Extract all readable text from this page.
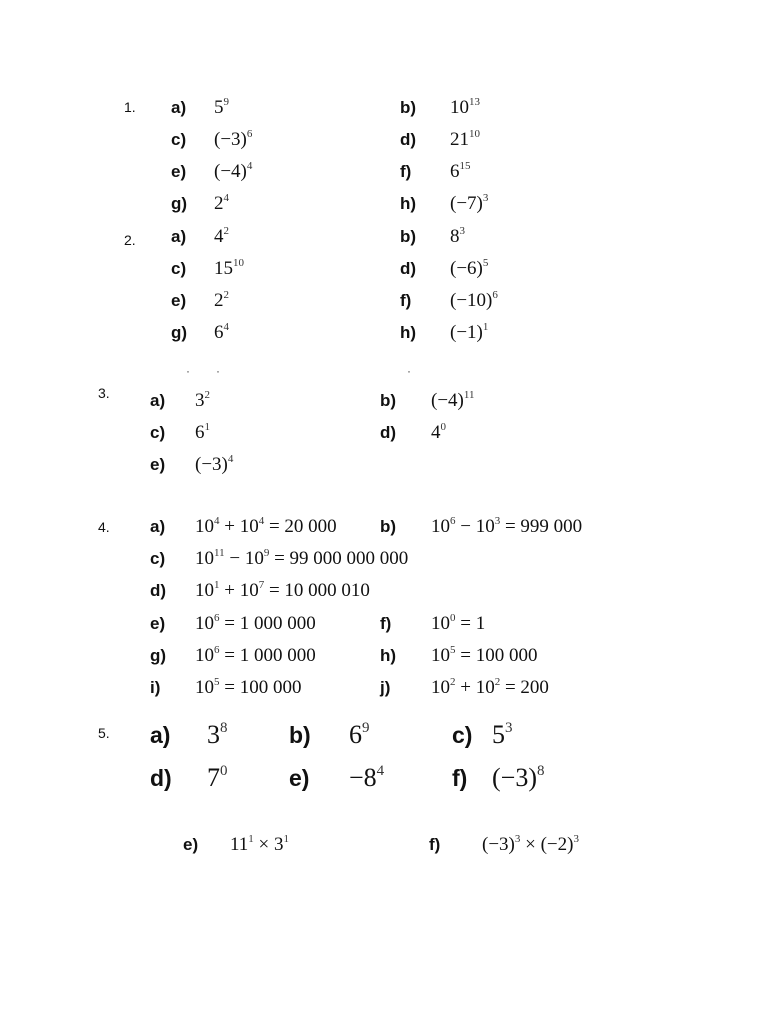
1.
2.
3.
4.
5.
a) $5^9$	b) $10^{13}$
c) $(-3)^6$	d) $21^{10}$
e) $(-4)^4$	f) $6^{15}$
g) $2^4$	h) $(-7)^3$
a) $4^2$	b) $8^3$
c) $15^{10}$	d) $(-6)^5$
e) $2^2$	f) $(-10)^6$
g) $6^4$	h) $(-1)^1$
· ·	·
a) $3^2$	b) $(-4)^{11}$
c) $6^1$	d) $4^0$
e) $(-3)^4$
a) $10^4 + 10^4 = 20$ 000	b) $10^6 - 10^3 = 999$ 000
c) $10^{11} - 10^9 = 99$ 000 000 000
d) $10^1 + 10^7 = 10$ 000 010
e) $10^6 = 1$ 000 000	f) $10^0 = 1$
g) $10^6 = 1$ 000 000	h) $10^5 = 100$ 000
i) $10^5 = 100$ 000	j) $10^2 + 10^2 = 200$
a) $3^8$	b) $6^9$	c) $5^3$
d) $7^0$	$e) -8^4$	f) $(-3)^8$
e) $11^1 \times 3^1$	f) $(-3)^3 \times (-2)^3$
